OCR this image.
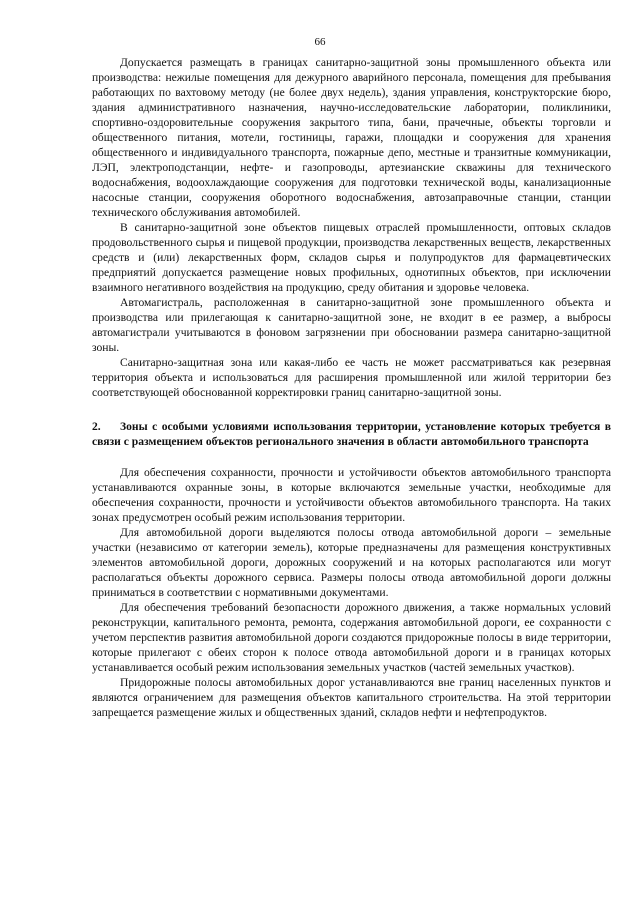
66

Допускается размещать в границах санитарно-защитной зоны промышленного объекта или производства: нежилые помещения для дежурного аварийного персонала, помещения для пребывания работающих по вахтовому методу (не более двух недель), здания управления, конструкторские бюро, здания административного назначения, научно-исследовательские лаборатории, поликлиники, спортивно-оздоровительные сооружения закрытого типа, бани, прачечные, объекты торговли и общественного питания, мотели, гостиницы, гаражи, площадки и сооружения для хранения общественного и индивидуального транспорта, пожарные депо, местные и транзитные коммуникации, ЛЭП, электроподстанции, нефте- и газопроводы, артезианские скважины для технического водоснабжения, водоохлаждающие сооружения для подготовки технической воды, канализационные насосные станции, сооружения оборотного водоснабжения, автозаправочные станции, станции технического обслуживания автомобилей.

В санитарно-защитной зоне объектов пищевых отраслей промышленности, оптовых складов продовольственного сырья и пищевой продукции, производства лекарственных веществ, лекарственных средств и (или) лекарственных форм, складов сырья и полупродуктов для фармацевтических предприятий допускается размещение новых профильных, однотипных объектов, при исключении взаимного негативного воздействия на продукцию, среду обитания и здоровье человека.

Автомагистраль, расположенная в санитарно-защитной зоне промышленного объекта и производства или прилегающая к санитарно-защитной зоне, не входит в ее размер, а выбросы автомагистрали учитываются в фоновом загрязнении при обосновании размера санитарно-защитной зоны.

Санитарно-защитная зона или какая-либо ее часть не может рассматриваться как резервная территория объекта и использоваться для расширения промышленной или жилой территории без соответствующей обоснованной корректировки границ санитарно-защитной зоны.

2. Зоны с особыми условиями использования территории, установление которых требуется в связи с размещением объектов регионального значения в области автомобильного транспорта

Для обеспечения сохранности, прочности и устойчивости объектов автомобильного транспорта устанавливаются охранные зоны, в которые включаются земельные участки, необходимые для обеспечения сохранности, прочности и устойчивости объектов автомобильного транспорта. На таких зонах предусмотрен особый режим использования территории.

Для автомобильной дороги выделяются полосы отвода автомобильной дороги – земельные участки (независимо от категории земель), которые предназначены для размещения конструктивных элементов автомобильной дороги, дорожных сооружений и на которых располагаются или могут располагаться объекты дорожного сервиса. Размеры полосы отвода автомобильной дороги должны приниматься в соответствии с нормативными документами.

Для обеспечения требований безопасности дорожного движения, а также нормальных условий реконструкции, капитального ремонта, ремонта, содержания автомобильной дороги, ее сохранности с учетом перспектив развития автомобильной дороги создаются придорожные полосы в виде территории, которые прилегают с обеих сторон к полосе отвода автомобильной дороги и в границах которых устанавливается особый режим использования земельных участков (частей земельных участков).

Придорожные полосы автомобильных дорог устанавливаются вне границ населенных пунктов и являются ограничением для размещения объектов капитального строительства. На этой территории запрещается размещение жилых и общественных зданий, складов нефти и нефтепродуктов.
